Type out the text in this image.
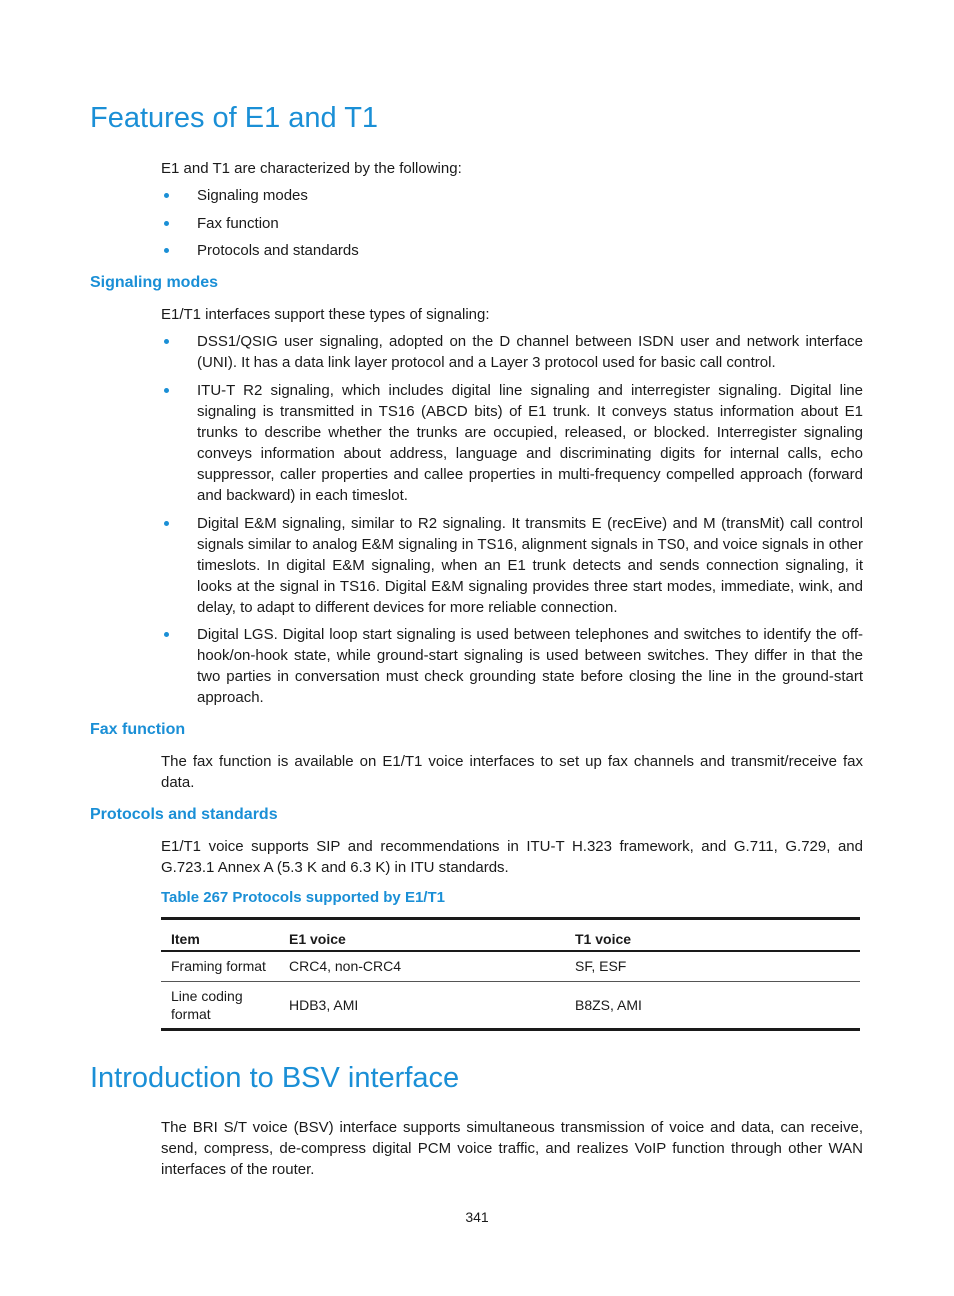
Features of E1 and T1

E1 and T1 are characterized by the following:

Signaling modes
Fax function
Protocols and standards
Signaling modes

E1/T1 interfaces support these types of signaling:

DSS1/QSIG user signaling, adopted on the D channel between ISDN user and network interface (UNI). It has a data link layer protocol and a Layer 3 protocol used for basic call control.
ITU-T R2 signaling, which includes digital line signaling and interregister signaling. Digital line signaling is transmitted in TS16 (ABCD bits) of E1 trunk. It conveys status information about E1 trunks to describe whether the trunks are occupied, released, or blocked. Interregister signaling conveys information about address, language and discriminating digits for internal calls, echo suppressor, caller properties and callee properties in multi-frequency compelled approach (forward and backward) in each timeslot.
Digital E&M signaling, similar to R2 signaling. It transmits E (recEive) and M (transMit) call control signals similar to analog E&M signaling in TS16, alignment signals in TS0, and voice signals in other timeslots. In digital E&M signaling, when an E1 trunk detects and sends connection signaling, it looks at the signal in TS16. Digital E&M signaling provides three start modes, immediate, wink, and delay, to adapt to different devices for more reliable connection.
Digital LGS. Digital loop start signaling is used between telephones and switches to identify the off-hook/on-hook state, while ground-start signaling is used between switches. They differ in that the two parties in conversation must check grounding state before closing the line in the ground-start approach.
Fax function

The fax function is available on E1/T1 voice interfaces to set up fax channels and transmit/receive fax data.

Protocols and standards

E1/T1 voice supports SIP and recommendations in ITU-T H.323 framework, and G.711, G.729, and G.723.1 Annex A (5.3 K and 6.3 K) in ITU standards.

Table 267 Protocols supported by E1/T1

Item	E1 voice	T1 voice
Framing format	CRC4, non-CRC4	SF, ESF
Line coding format	HDB3, AMI	B8ZS, AMI
Introduction to BSV interface

The BRI S/T voice (BSV) interface supports simultaneous transmission of voice and data, can receive, send, compress, de-compress digital PCM voice traffic, and realizes VoIP function through other WAN interfaces of the router.

341
